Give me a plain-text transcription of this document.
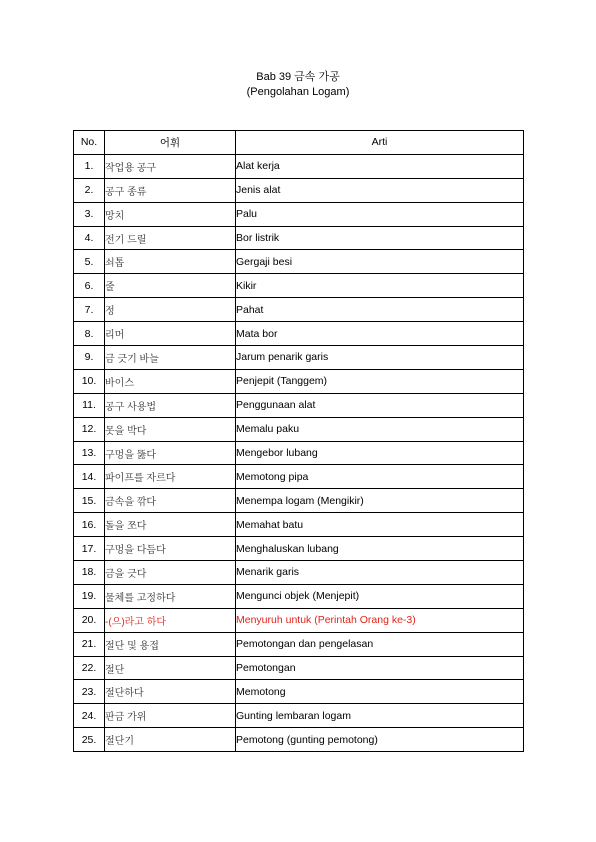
Bab 39 금속 가공
(Pengolahan Logam)
No.	어휘	Arti
1.	작업용 공구	Alat kerja
2.	공구 종류	Jenis alat
3.	망치	Palu
4.	전기 드릴	Bor listrik
5.	쇠톱	Gergaji besi
6.	줄	Kikir
7.	정	Pahat
8.	리머	Mata bor
9.	금 긋기 바늘	Jarum penarik garis
10.	바이스	Penjepit (Tanggem)
11.	공구 사용법	Penggunaan alat
12.	못을 박다	Memalu paku
13.	구멍을 뚫다	Mengebor lubang
14.	파이프를 자르다	Memotong pipa
15.	금속을 깎다	Menempa logam (Mengikir)
16.	돌을 쪼다	Memahat batu
17.	구멍을 다듬다	Menghaluskan lubang
18.	금을 긋다	Menarik garis
19.	물체를 고정하다	Mengunci objek (Menjepit)
20.	-(으)라고 하다	Menyuruh untuk (Perintah Orang ke-3)
21.	절단 및 용접	Pemotongan dan pengelasan
22.	절단	Pemotongan
23.	절단하다	Memotong
24.	판금 가위	Gunting lembaran logam
25.	절단기	Pemotong (gunting pemotong)
